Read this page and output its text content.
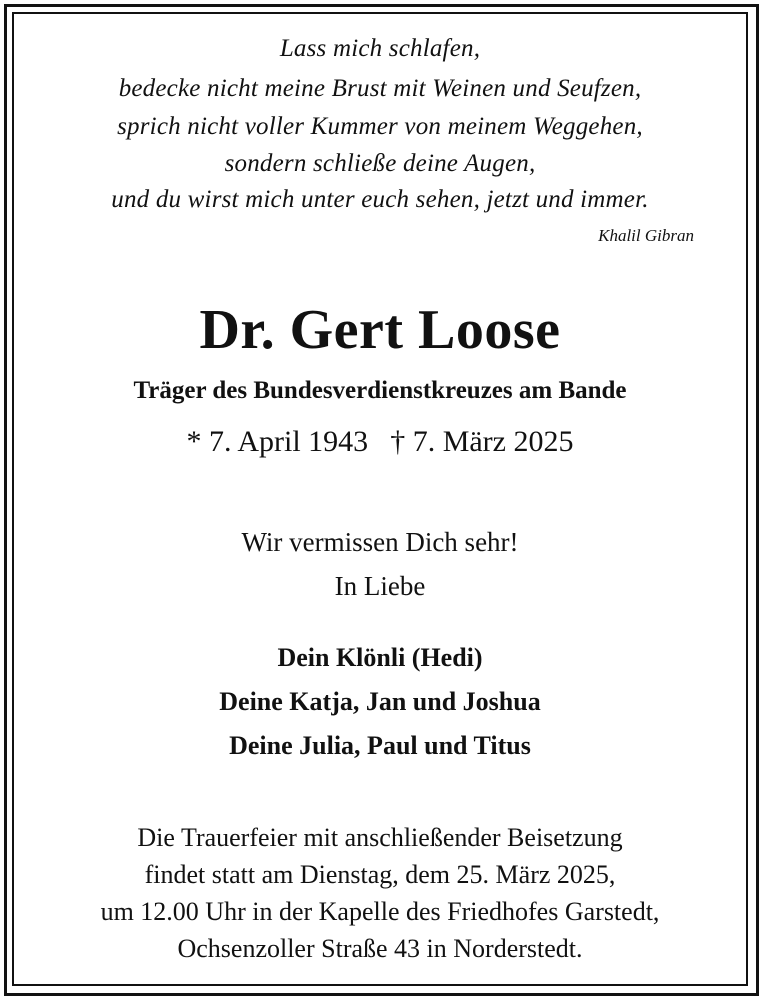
Lass mich schlafen,
bedecke nicht meine Brust mit Weinen und Seufzen,
sprich nicht voller Kummer von meinem Weggehen,
sondern schließe deine Augen,
und du wirst mich unter euch sehen, jetzt und immer.
Khalil Gibran
Dr. Gert Loose
Träger des Bundesverdienstkreuzes am Bande
* 7. April 1943 † 7. März 2025
Wir vermissen Dich sehr!
In Liebe
Dein Klönli (Hedi)
Deine Katja, Jan und Joshua
Deine Julia, Paul und Titus
Die Trauerfeier mit anschließender Beisetzung
findet statt am Dienstag, dem 25. März 2025,
um 12.00 Uhr in der Kapelle des Friedhofes Garstedt,
Ochsenzoller Straße 43 in Norderstedt.
